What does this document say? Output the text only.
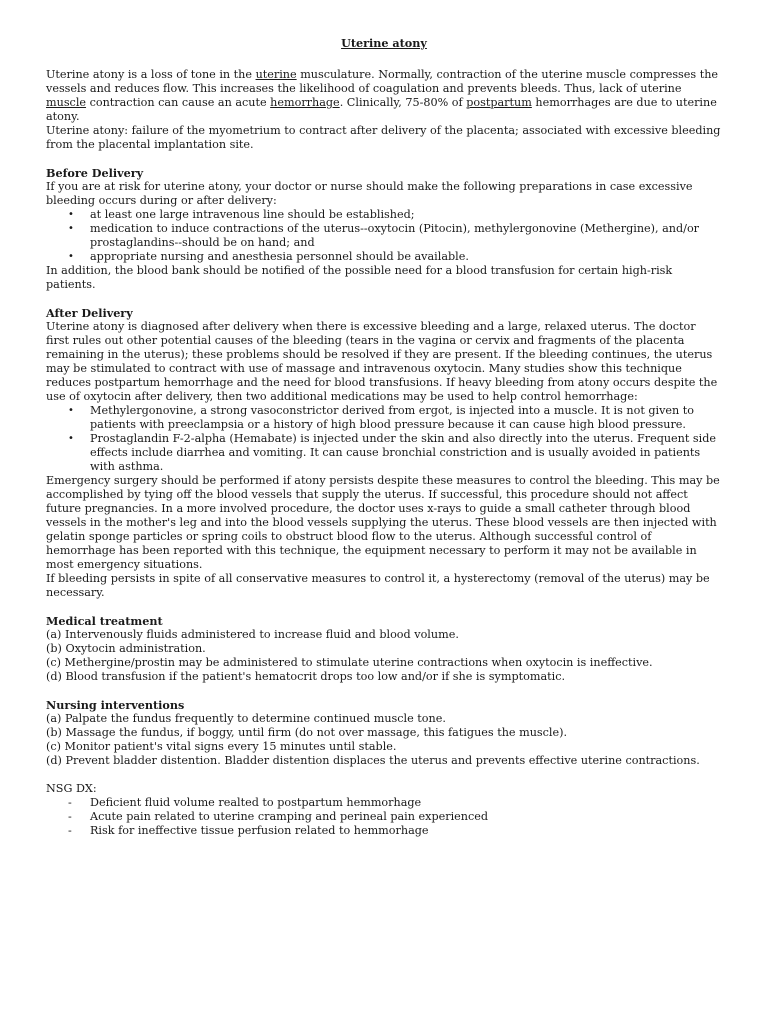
Uterine atony

Uterine atony is a loss of tone in the uterine musculature. Normally, contraction of the uterine muscle compresses the vessels and reduces flow. This increases the likelihood of coagulation and prevents bleeds. Thus, lack of uterine muscle contraction can cause an acute hemorrhage. Clinically, 75-80% of postpartum hemorrhages are due to uterine atony.

Uterine atony: failure of the myometrium to contract after delivery of the placenta; associated with excessive bleeding from the placental implantation site.

Before Delivery

If you are at risk for uterine atony, your doctor or nurse should make the following preparations in case excessive bleeding occurs during or after delivery:

• at least one large intravenous line should be established;
• medication to induce contractions of the uterus--oxytocin (Pitocin), methylergonovine (Methergine), and/or prostaglandins--should be on hand; and
• appropriate nursing and anesthesia personnel should be available.

In addition, the blood bank should be notified of the possible need for a blood transfusion for certain high-risk patients.

After Delivery

Uterine atony is diagnosed after delivery when there is excessive bleeding and a large, relaxed uterus. The doctor first rules out other potential causes of the bleeding (tears in the vagina or cervix and fragments of the placenta remaining in the uterus); these problems should be resolved if they are present. If the bleeding continues, the uterus may be stimulated to contract with use of massage and intravenous oxytocin. Many studies show this technique reduces postpartum hemorrhage and the need for blood transfusions. If heavy bleeding from atony occurs despite the use of oxytocin after delivery, then two additional medications may be used to help control hemorrhage:

• Methylergonovine, a strong vasoconstrictor derived from ergot, is injected into a muscle. It is not given to patients with preeclampsia or a history of high blood pressure because it can cause high blood pressure.
• Prostaglandin F-2-alpha (Hemabate) is injected under the skin and also directly into the uterus. Frequent side effects include diarrhea and vomiting. It can cause bronchial constriction and is usually avoided in patients with asthma.

Emergency surgery should be performed if atony persists despite these measures to control the bleeding. This may be accomplished by tying off the blood vessels that supply the uterus. If successful, this procedure should not affect future pregnancies. In a more involved procedure, the doctor uses x-rays to guide a small catheter through blood vessels in the mother's leg and into the blood vessels supplying the uterus. These blood vessels are then injected with gelatin sponge particles or spring coils to obstruct blood flow to the uterus. Although successful control of hemorrhage has been reported with this technique, the equipment necessary to perform it may not be available in most emergency situations.

If bleeding persists in spite of all conservative measures to control it, a hysterectomy (removal of the uterus) may be necessary.

Medical treatment

(a) Intervenously fluids administered to increase fluid and blood volume.

(b) Oxytocin administration.

(c) Methergine/prostin may be administered to stimulate uterine contractions when oxytocin is ineffective.

(d) Blood transfusion if the patient's hematocrit drops too low and/or if she is symptomatic.

Nursing interventions

(a) Palpate the fundus frequently to determine continued muscle tone.

(b) Massage the fundus, if boggy, until firm (do not over massage, this fatigues the muscle).

(c) Monitor patient's vital signs every 15 minutes until stable.

(d) Prevent bladder distention. Bladder distention displaces the uterus and prevents effective uterine contractions.

NSG DX:

- Deficient fluid volume realted to postpartum hemmorhage
- Acute pain related to uterine cramping and perineal pain experienced
- Risk for ineffective tissue perfusion related to hemmorhage
